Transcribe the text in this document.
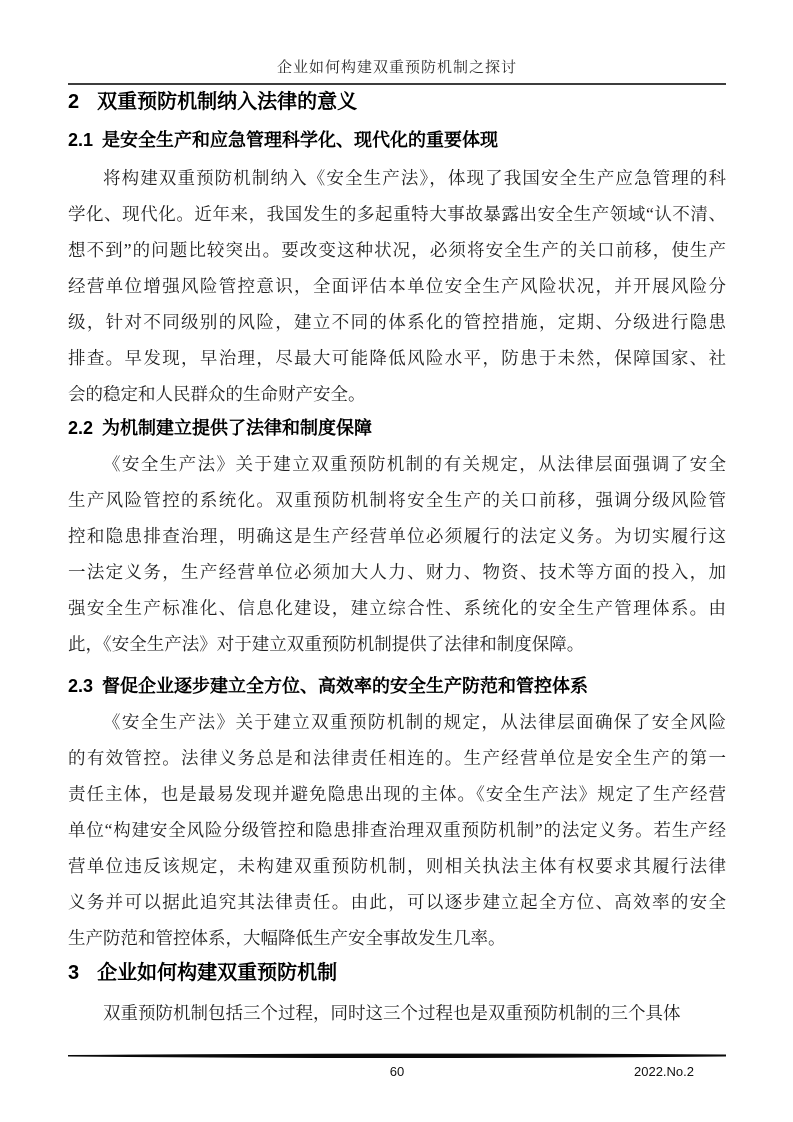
企业如何构建双重预防机制之探讨
2 双重预防机制纳入法律的意义
2.1 是安全生产和应急管理科学化、现代化的重要体现
将构建双重预防机制纳入《安全生产法》，体现了我国安全生产应急管理的科
学化、现代化。近年来，我国发生的多起重特大事故暴露出安全生产领域“认不清、
想不到”的问题比较突出。要改变这种状况，必须将安全生产的关口前移，使生产
经营单位增强风险管控意识，全面评估本单位安全生产风险状况，并开展风险分
级，针对不同级别的风险，建立不同的体系化的管控措施，定期、分级进行隐患
排查。早发现，早治理，尽最大可能降低风险水平，防患于未然，保障国家、社
会的稳定和人民群众的生命财产安全。
2.2 为机制建立提供了法律和制度保障
《安全生产法》关于建立双重预防机制的有关规定，从法律层面强调了安全
生产风险管控的系统化。双重预防机制将安全生产的关口前移，强调分级风险管
控和隐患排查治理，明确这是生产经营单位必须履行的法定义务。为切实履行这
一法定义务，生产经营单位必须加大人力、财力、物资、技术等方面的投入，加
强安全生产标准化、信息化建设，建立综合性、系统化的安全生产管理体系。由
此，《安全生产法》对于建立双重预防机制提供了法律和制度保障。
2.3 督促企业逐步建立全方位、高效率的安全生产防范和管控体系
《安全生产法》关于建立双重预防机制的规定，从法律层面确保了安全风险
的有效管控。法律义务总是和法律责任相连的。生产经营单位是安全生产的第一
责任主体，也是最易发现并避免隐患出现的主体。《安全生产法》规定了生产经营
单位“构建安全风险分级管控和隐患排查治理双重预防机制”的法定义务。若生产经
营单位违反该规定，未构建双重预防机制，则相关执法主体有权要求其履行法律
义务并可以据此追究其法律责任。由此，可以逐步建立起全方位、高效率的安全
生产防范和管控体系，大幅降低生产安全事故发生几率。
3 企业如何构建双重预防机制
双重预防机制包括三个过程，同时这三个过程也是双重预防机制的三个具体
60	2022.No.2
